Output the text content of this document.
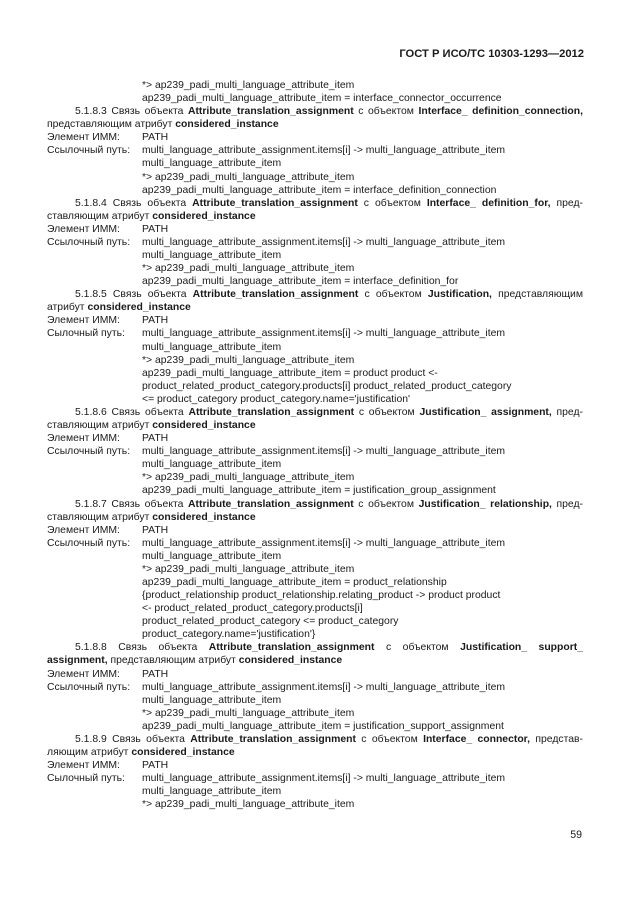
ГОСТ Р ИСО/ТС 10303-1293—2012
*> ap239_padi_multi_language_attribute_item
ap239_padi_multi_language_attribute_item = interface_connector_occurrence
5.1.8.3 Связь объекта Attribute_translation_assignment с объектом Interface_ definition_connection,
представляющим атрибут considered_instance
Элемент ИММ: PATH
Ссылочный путь: multi_language_attribute_assignment.items[i] -> multi_language_attribute_item
multi_language_attribute_item
*> ap239_padi_multi_language_attribute_item
ap239_padi_multi_language_attribute_item = interface_definition_connection
5.1.8.4 Связь объекта Attribute_translation_assignment с объектом Interface_ definition_for, пред-
ставляющим атрибут considered_instance
Элемент ИММ: PATH
Ссылочный путь: multi_language_attribute_assignment.items[i] -> multi_language_attribute_item
multi_language_attribute_item
*> ap239_padi_multi_language_attribute_item
ap239_padi_multi_language_attribute_item = interface_definition_for
5.1.8.5 Связь объекта Attribute_translation_assignment с объектом Justification, представляющим
атрибут considered_instance
Элемент ИММ: PATH
Сылочный путь: multi_language_attribute_assignment.items[i] -> multi_language_attribute_item
multi_language_attribute_item
*> ap239_padi_multi_language_attribute_item
ap239_padi_multi_language_attribute_item = product product <-
product_related_product_category.products[i] product_related_product_category
<= product_category product_category.name='justification'
5.1.8.6 Связь объекта Attribute_translation_assignment с объектом Justification_ assignment, пред-
ставляющим атрибут considered_instance
Элемент ИММ: PATH
Ссылочный путь: multi_language_attribute_assignment.items[i] -> multi_language_attribute_item
multi_language_attribute_item
*> ap239_padi_multi_language_attribute_item
ap239_padi_multi_language_attribute_item = justification_group_assignment
5.1.8.7 Связь объекта Attribute_translation_assignment с объектом Justification_ relationship, пред-
ставляющим атрибут considered_instance
Элемент ИММ: PATH
Ссылочный путь: multi_language_attribute_assignment.items[i] -> multi_language_attribute_item
multi_language_attribute_item
*> ap239_padi_multi_language_attribute_item
ap239_padi_multi_language_attribute_item = product_relationship
{product_relationship product_relationship.relating_product -> product product
<- product_related_product_category.products[i]
product_related_product_category <= product_category
product_category.name='justification'}
5.1.8.8 Связь объекта Attribute_translation_assignment с объектом Justification_ support_
assignment, представляющим атрибут considered_instance
Элемент ИММ: PATH
Ссылочный путь: multi_language_attribute_assignment.items[i] -> multi_language_attribute_item
multi_language_attribute_item
*> ap239_padi_multi_language_attribute_item
ap239_padi_multi_language_attribute_item = justification_support_assignment
5.1.8.9 Связь объекта Attribute_translation_assignment с объектом Interface_ connector, представ-
ляющим атрибут considered_instance
Элемент ИММ: PATH
Сылочный путь: multi_language_attribute_assignment.items[i] -> multi_language_attribute_item
multi_language_attribute_item
*> ap239_padi_multi_language_attribute_item
59
